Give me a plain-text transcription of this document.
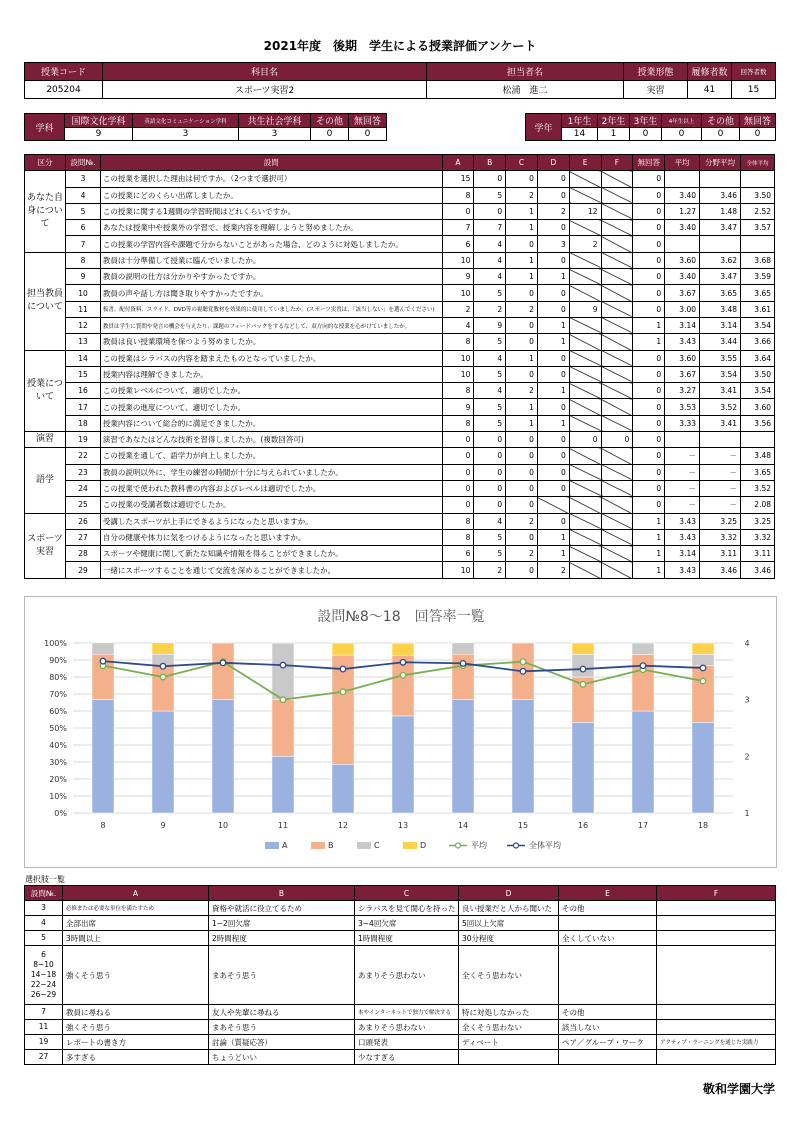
2021年度　後期　学生による授業評価アンケート
授業コード	科目名	担当者名	授業形態	履修者数	回答者数
205204	スポーツ実習2	松浦　進二	実習	41	15
学科	国際文化学科	英語文化コミュニケーション学科	共生社会学科	その他	無回答
	9	3	3	0	0
学年	1年生	2年生	3年生	4年生以上	その他	無回答
	14	1	0	0	0	0
区分	設問№.	設問	A	B	C	D	E	F	無回答	平均	分野平均	全体平均
あなた自身について	3	この授業を選択した理由は何ですか。（2つまで選択可）	15	0	0	0			0			
	4	この授業にどのくらい出席しましたか。	8	5	2	0			0	3.40	3.46	3.50
	5	この授業に関する1週間の学習時間はどれくらいですか。	0	0	1	2	12		0	1.27	1.48	2.52
	6	あなたは授業中や授業外の学習で、授業内容を理解しようと努めましたか。	7	7	1	0			0	3.40	3.47	3.57
	7	この授業の学習内容や課題で分からないことがあった場合、どのように対処しましたか。	6	4	0	3	2		0			
担当教員について	8	教員は十分準備して授業に臨んでいましたか。	10	4	1	0			0	3.60	3.62	3.68
	9	教員の説明の仕方は分かりやすかったですか。	9	4	1	1			0	3.40	3.47	3.59
	10	教員の声や話し方は聞き取りやすかったですか。	10	5	0	0			0	3.67	3.65	3.65
	11	板書、配付資料、スライド、DVD等の視聴覚教材を効果的に使用していましたか。(スポーツ実習は、「該当しない」を選んでください)	2	2	2	0	9		0	3.00	3.48	3.61
	12	教員は学生に質問や発言の機会を与えたり、課題のフィードバックをするなどして、双方向的な授業を心がけていましたか。	4	9	0	1			1	3.14	3.14	3.54
	13	教員は良い授業環境を保つよう努めましたか。	8	5	0	1			1	3.43	3.44	3.66
授業について	14	この授業はシラバスの内容を踏まえたものとなっていましたか。	10	4	1	0			0	3.60	3.55	3.64
	15	授業内容は理解できましたか。	10	5	0	0			0	3.67	3.54	3.50
	16	この授業レベルについて、適切でしたか。	8	4	2	1			0	3.27	3.41	3.54
	17	この授業の進度について、適切でしたか。	9	5	1	0			0	3.53	3.52	3.60
	18	授業内容について総合的に満足できましたか。	8	5	1	1			0	3.33	3.41	3.56
演習	19	演習であなたはどんな技術を習得しましたか。(複数回答可)	0	0	0	0	0	0	0			
語学	22	この授業を通して、語学力が向上しましたか。	0	0	0	0			0	－	－	3.48
	23	教員の説明以外に、学生の練習の時間が十分に与えられていましたか。	0	0	0	0			0	－	－	3.65
	24	この授業で使われた教科書の内容およびレベルは適切でしたか。	0	0	0	0			0	－	－	3.52
	25	この授業の受講者数は適切でしたか。	0	0	0				0	－	－	2.08
スポーツ実習	26	受講したスポーツが上手にできるようになったと思いますか。	8	4	2	0			1	3.43	3.25	3.25
	27	自分の健康や体力に気をつけるようになったと思いますか。	8	5	0	1			1	3.43	3.32	3.32
	28	スポーツや健康に関して新たな知識や情報を得ることができましたか。	6	5	2	1			1	3.14	3.11	3.11
	29	一緒にスポーツすることを通じて交流を深めることができましたか。	10	2	0	2			1	3.43	3.46	3.46
設問№8～18　回答率一覧
0%
10%
20%
30%
40%
50%
60%
70%
80%
90%
100%
1
2
3
4
8	9	10	11	12	13	14	15	16	17	18
A	B	C	D	平均	全体平均
選択肢一覧
設問№.	A	B	C	D	E	F
3	必修または必要な単位を満たすため	資格や就活に役立てるため	シラバスを見て関心を持った	良い授業だと人から聞いた	その他	
4	全部出席	1−2回欠席	3−4回欠席	5回以上欠席		
5	3時間以上	2時間程度	1時間程度	30分程度	全くしていない	
6
8−10
14−18
22−24
26−29	強くそう思う	まあそう思う	あまりそう思わない	全くそう思わない		
7	教員に尋ねる	友人や先輩に尋ねる	本やインターネットで独力で解決する	特に対処しなかった	その他	
11	強くそう思う	まあそう思う	あまりそう思わない	全くそう思わない	該当しない	
19	レポートの書き方	討論（質疑応答）	口頭発表	ディベート	ペア／グループ・ワーク	アクティブ・ラーニングを通じた実践力
27	多すぎる	ちょうどいい	少なすぎる			
敬和学園大学
